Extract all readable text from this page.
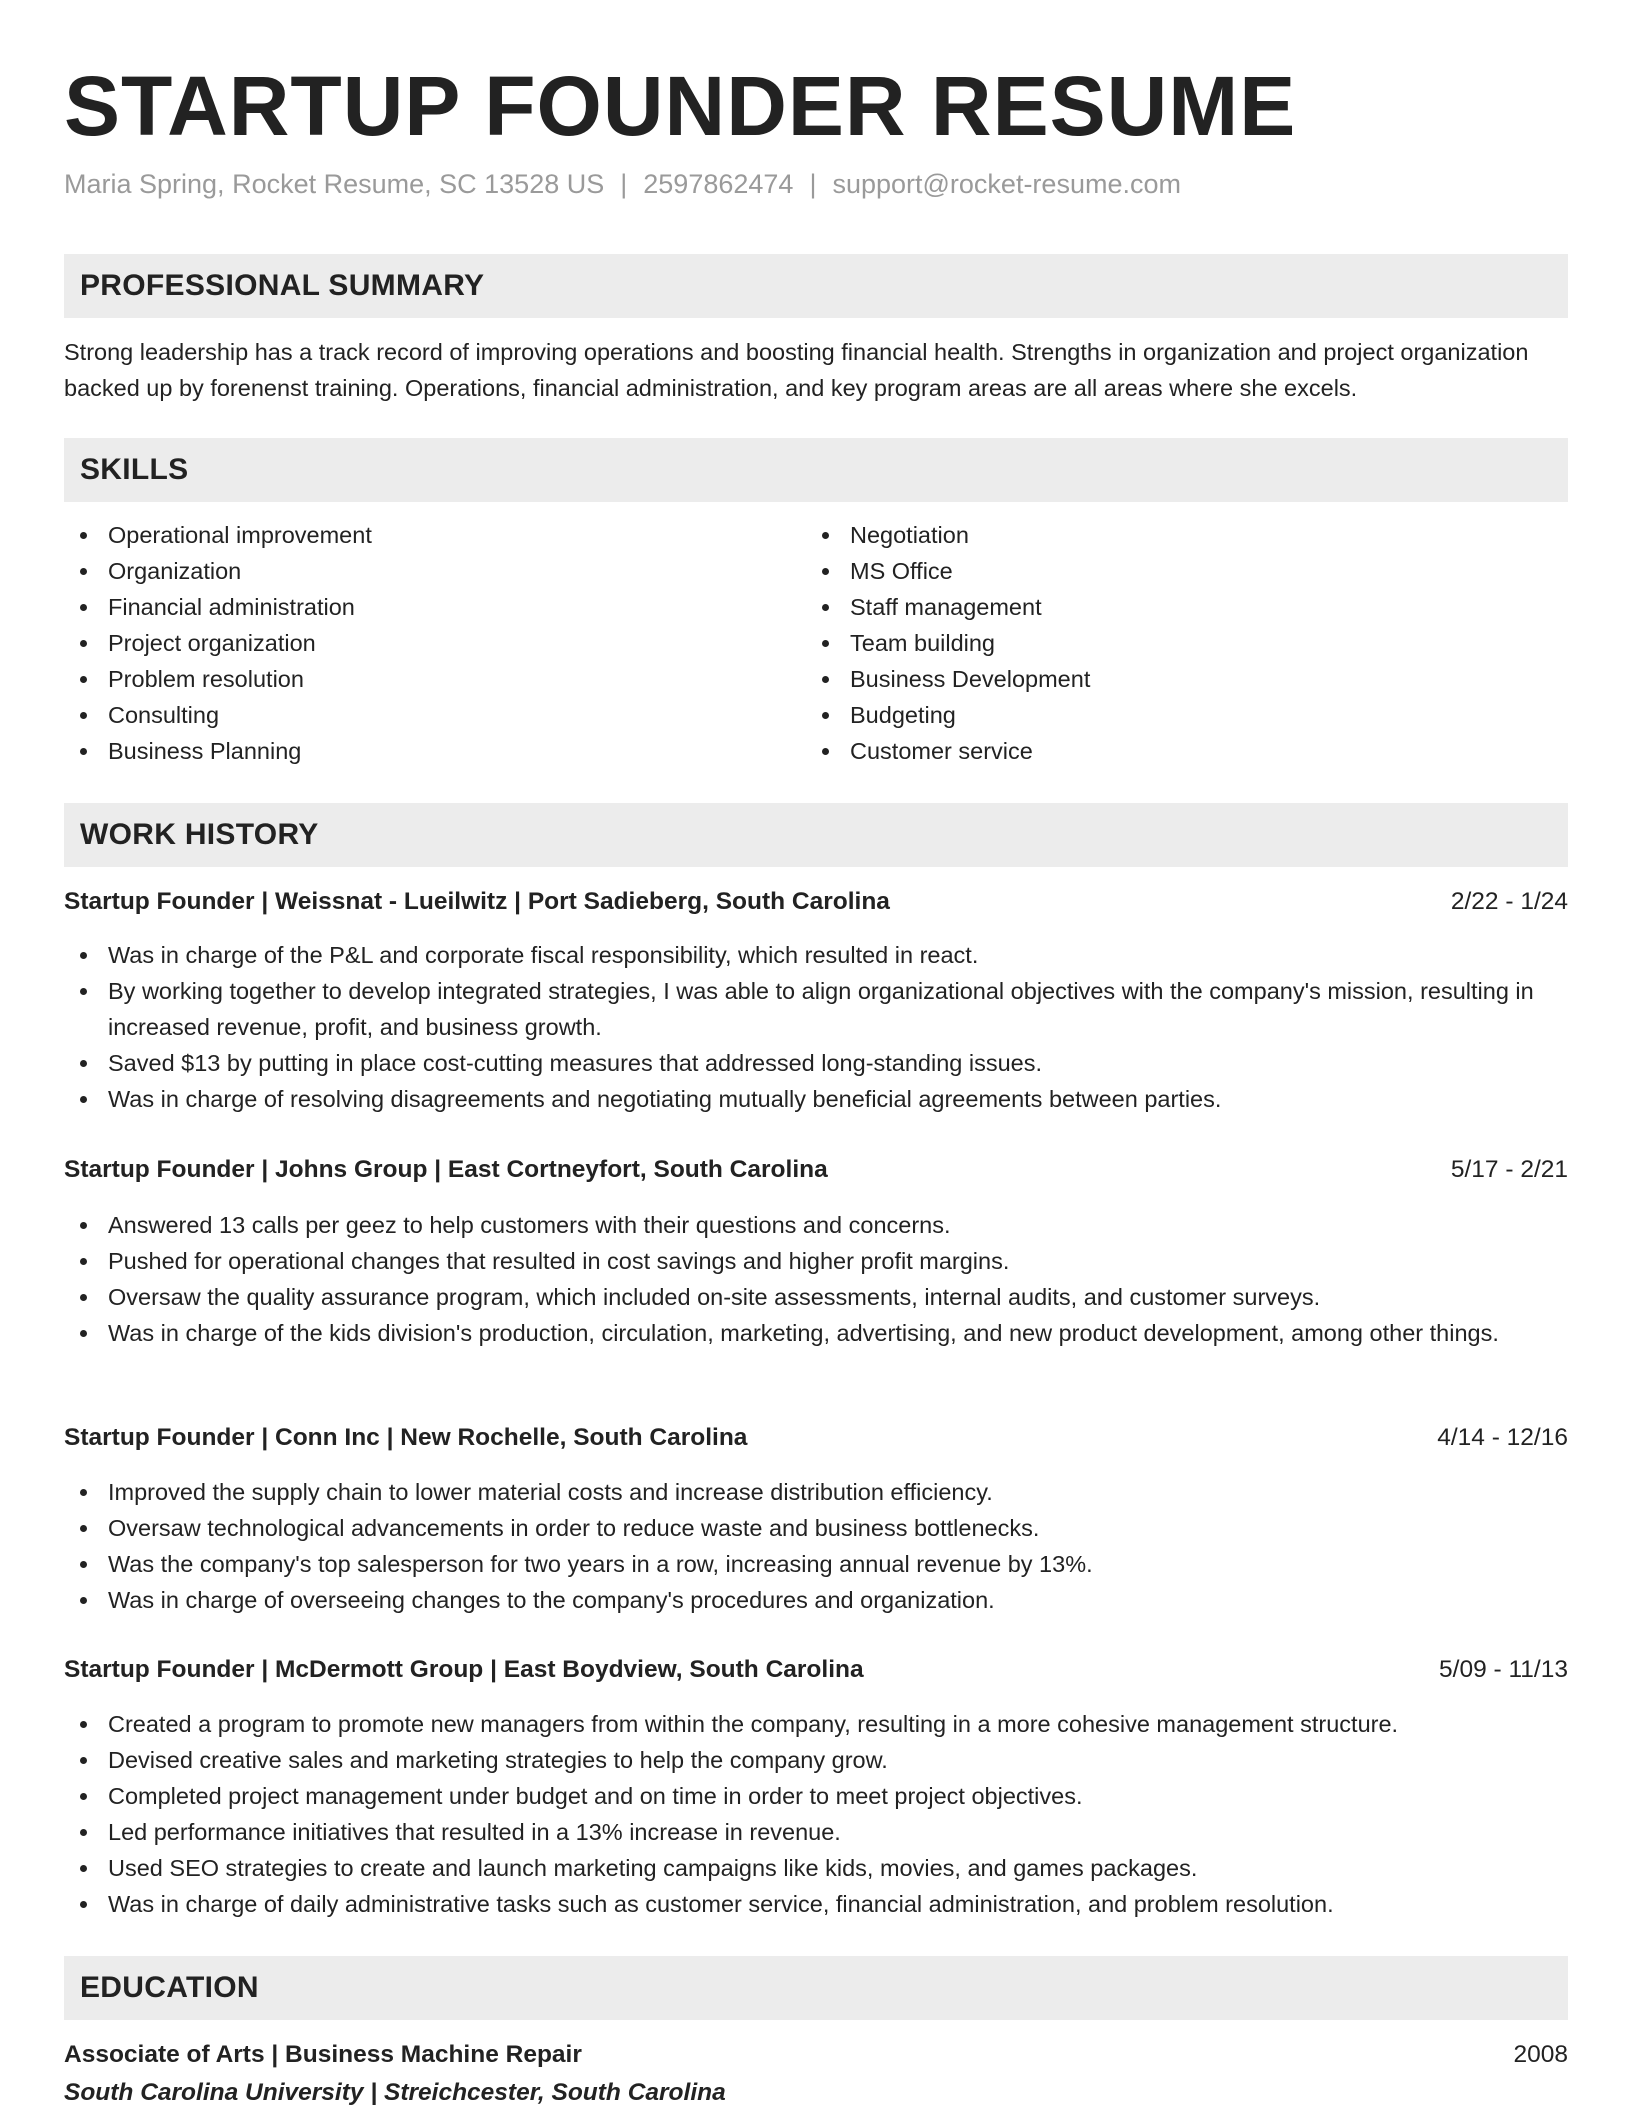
STARTUP FOUNDER RESUME
Maria Spring, Rocket Resume, SC 13528 US | 2597862474 | support@rocket-resume.com
PROFESSIONAL SUMMARY

Strong leadership has a track record of improving operations and boosting financial health. Strengths in organization and project organization backed up by forenenst training. Operations, financial administration, and key program areas are all areas where she excels.

SKILLS
Operational improvement
Organization
Financial administration
Project organization
Problem resolution
Consulting
Business Planning
Negotiation
MS Office
Staff management
Team building
Business Development
Budgeting
Customer service
WORK HISTORY
Startup Founder | Weissnat - Lueilwitz | Port Sadieberg, South Carolina	2/22 - 1/24
Was in charge of the P&L and corporate fiscal responsibility, which resulted in react.
By working together to develop integrated strategies, I was able to align organizational objectives with the company's mission, resulting in increased revenue, profit, and business growth.
Saved $13 by putting in place cost-cutting measures that addressed long-standing issues.
Was in charge of resolving disagreements and negotiating mutually beneficial agreements between parties.
Startup Founder | Johns Group | East Cortneyfort, South Carolina	5/17 - 2/21
Answered 13 calls per geez to help customers with their questions and concerns.
Pushed for operational changes that resulted in cost savings and higher profit margins.
Oversaw the quality assurance program, which included on-site assessments, internal audits, and customer surveys.
Was in charge of the kids division's production, circulation, marketing, advertising, and new product development, among other things.
Startup Founder | Conn Inc | New Rochelle, South Carolina	4/14 - 12/16
Improved the supply chain to lower material costs and increase distribution efficiency.
Oversaw technological advancements in order to reduce waste and business bottlenecks.
Was the company's top salesperson for two years in a row, increasing annual revenue by 13%.
Was in charge of overseeing changes to the company's procedures and organization.
Startup Founder | McDermott Group | East Boydview, South Carolina	5/09 - 11/13
Created a program to promote new managers from within the company, resulting in a more cohesive management structure.
Devised creative sales and marketing strategies to help the company grow.
Completed project management under budget and on time in order to meet project objectives.
Led performance initiatives that resulted in a 13% increase in revenue.
Used SEO strategies to create and launch marketing campaigns like kids, movies, and games packages.
Was in charge of daily administrative tasks such as customer service, financial administration, and problem resolution.
EDUCATION
Associate of Arts | Business Machine Repair	2008
South Carolina University | Streichcester, South Carolina
